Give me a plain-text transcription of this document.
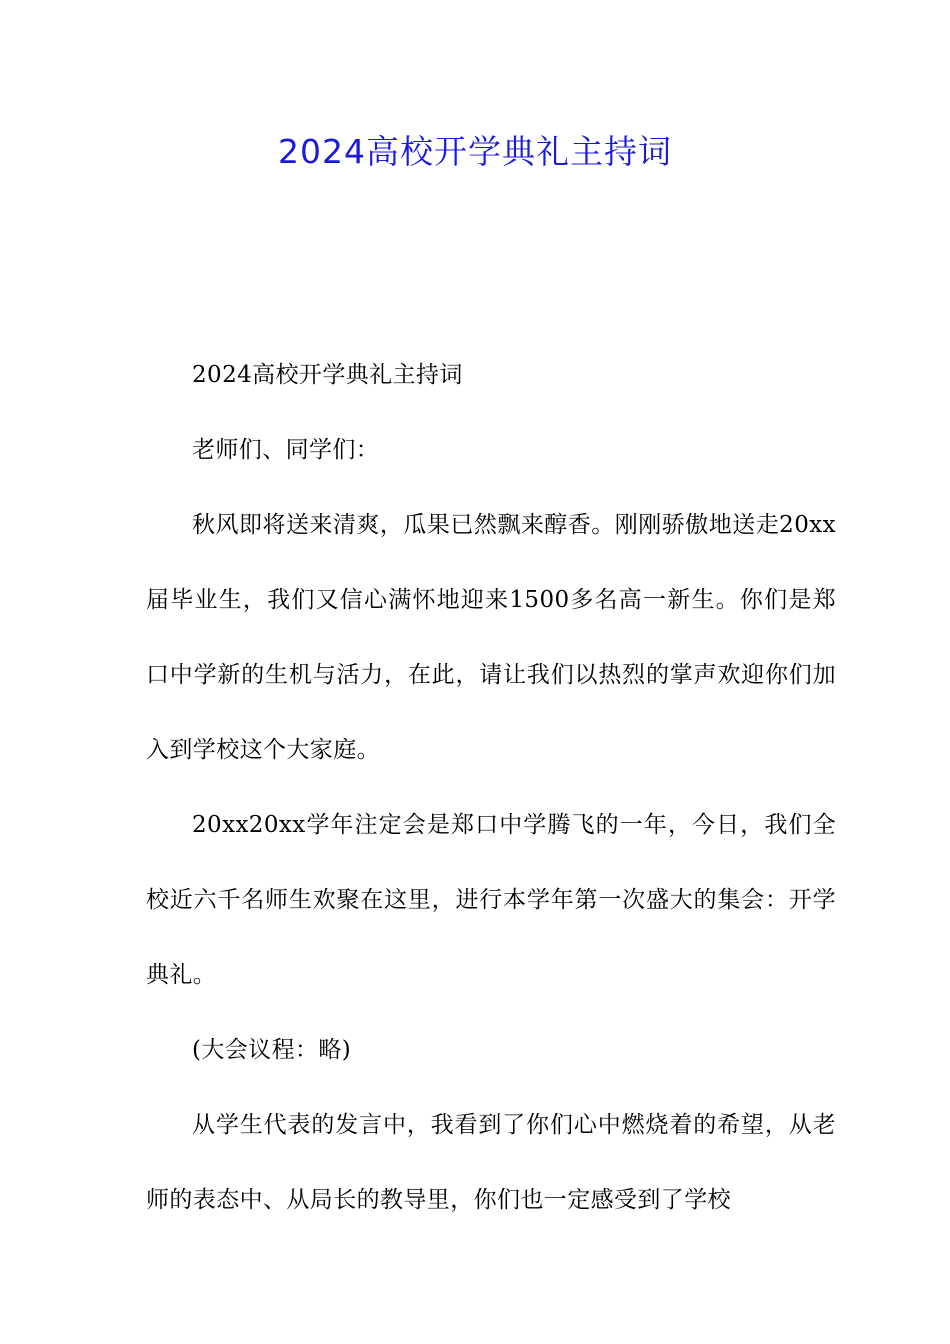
2024高校开学典礼主持词

2024高校开学典礼主持词

老师们、同学们：

秋风即将送来清爽，瓜果已然飘来醇香。刚刚骄傲地送走20xx届毕业生，我们又信心满怀地迎来1500多名高一新生。你们是郑口中学新的生机与活力，在此，请让我们以热烈的掌声欢迎你们加入到学校这个大家庭。

20xx20xx学年注定会是郑口中学腾飞的一年，今日，我们全校近六千名师生欢聚在这里，进行本学年第一次盛大的集会：开学典礼。

(大会议程：略)

从学生代表的发言中，我看到了你们心中燃烧着的希望，从老师的表态中、从局长的教导里，你们也一定感受到了学校
